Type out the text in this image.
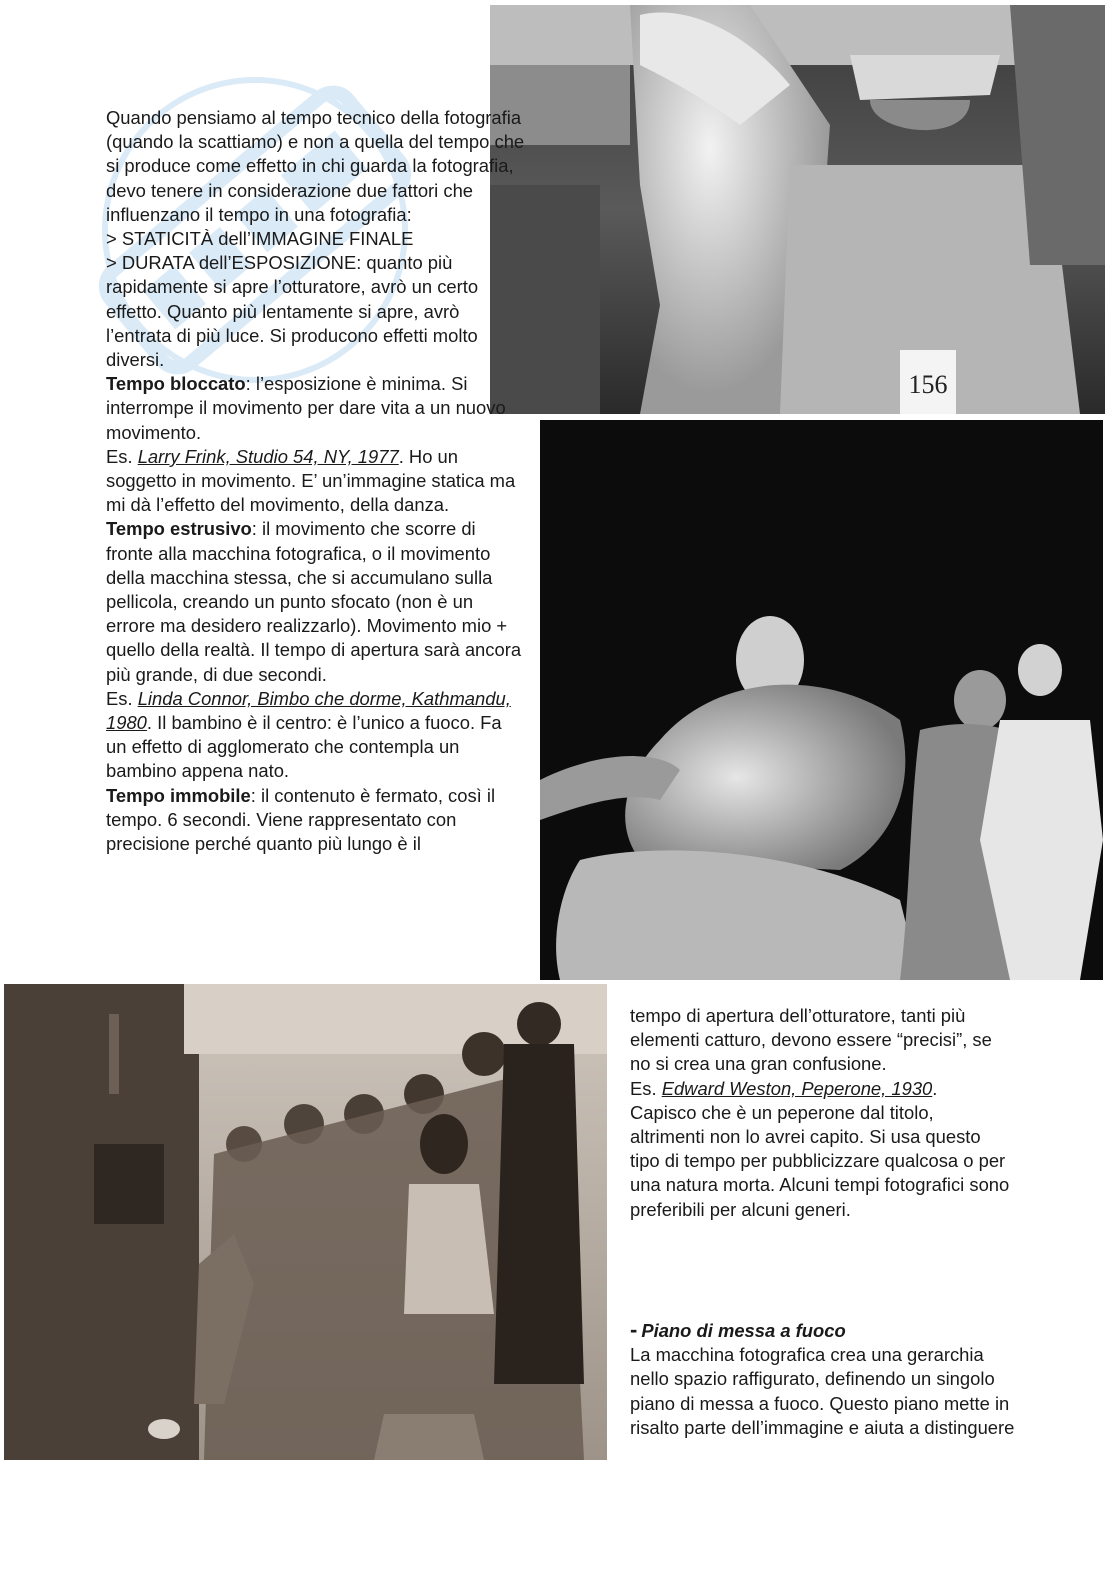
156

Quando pensiamo al tempo tecnico della fotografia (quando la scattiamo) e non a quella del tempo che si produce come effetto in chi guarda la fotografia, devo tenere in considerazione due fattori che influenzano il tempo in una fotografia:

> STATICITÀ dell’IMMAGINE FINALE

> DURATA dell’ESPOSIZIONE: quanto più rapidamente si apre l’otturatore, avrò un certo effetto. Quanto più lentamente si apre, avrò l’entrata di più luce. Si producono effetti molto diversi.

Tempo bloccato: l’esposizione è minima. Si interrompe il movimento per dare vita a un nuovo movimento.

Es. Larry Frink, Studio 54, NY, 1977. Ho un soggetto in movimento. E’ un’immagine statica ma mi dà l’effetto del movimento, della danza.

Tempo estrusivo: il movimento che scorre di fronte alla macchina fotografica, o il movimento della macchina stessa, che si accumulano sulla pellicola, creando un punto sfocato (non è un errore ma desidero realizzarlo). Movimento mio + quello della realtà. Il tempo di apertura sarà ancora più grande, di due secondi.

Es. Linda Connor, Bimbo che dorme, Kathmandu, 1980. Il bambino è il centro: è l’unico a fuoco. Fa un effetto di agglomerato che contempla un bambino appena nato.

Tempo immobile: il contenuto è fermato, così il tempo. 6 secondi. Viene rappresentato con precisione perché quanto più lungo è il

tempo di apertura dell’otturatore, tanti più elementi catturo, devono essere “precisi”, se no si crea una gran confusione.

Es. Edward Weston, Peperone, 1930.

Capisco che è un peperone dal titolo, altrimenti non lo avrei capito. Si usa questo tipo di tempo per pubblicizzare qualcosa o per una natura morta. Alcuni tempi fotografici sono preferibili per alcuni generi.

- Piano di messa a fuoco

La macchina fotografica crea una gerarchia nello spazio raffigurato, definendo un singolo piano di messa a fuoco. Questo piano mette in risalto parte dell’immagine e aiuta a distinguere
